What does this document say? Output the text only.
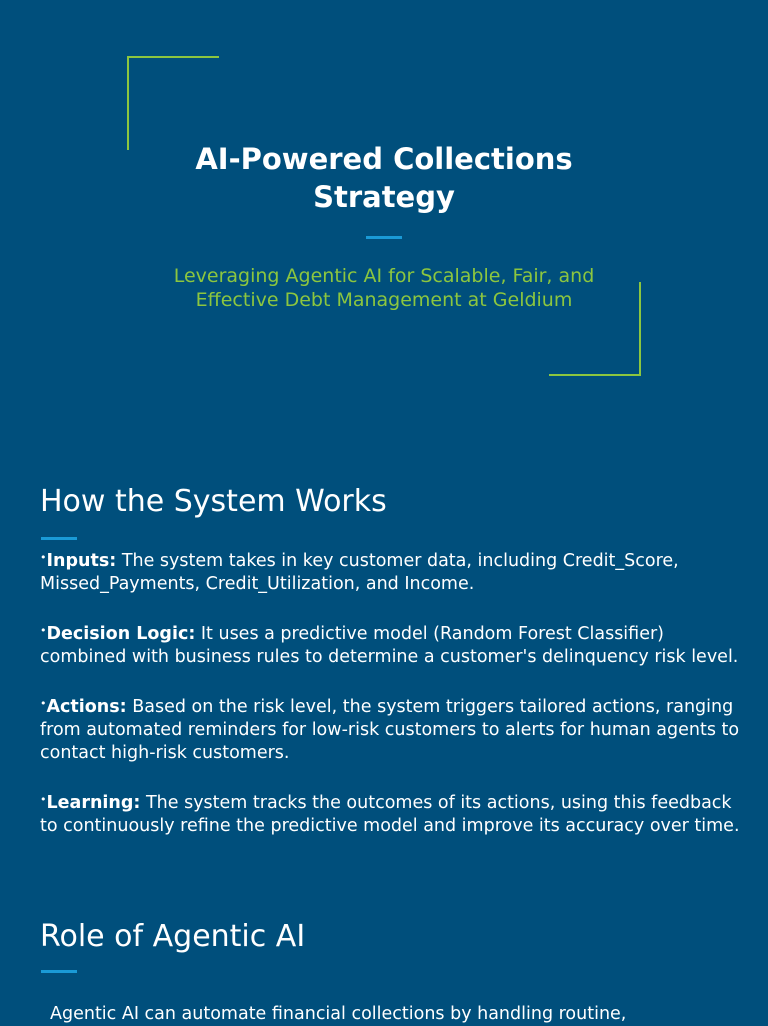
AI-Powered Collections
Strategy

Leveraging Agentic AI for Scalable, Fair, and
Effective Debt Management at Geldium

How the System Works

•Inputs: The system takes in key customer data, including Credit_Score, Missed_Payments, Credit_Utilization, and Income.

•Decision Logic: It uses a predictive model (Random Forest Classifier) combined with business rules to determine a customer's delinquency risk level.

•Actions: Based on the risk level, the system triggers tailored actions, ranging from automated reminders for low-risk customers to alerts for human agents to contact high-risk customers.

•Learning: The system tracks the outcomes of its actions, using this feedback to continuously refine the predictive model and improve its accuracy over time.

Role of Agentic AI

Agentic AI can automate financial collections by handling routine,
